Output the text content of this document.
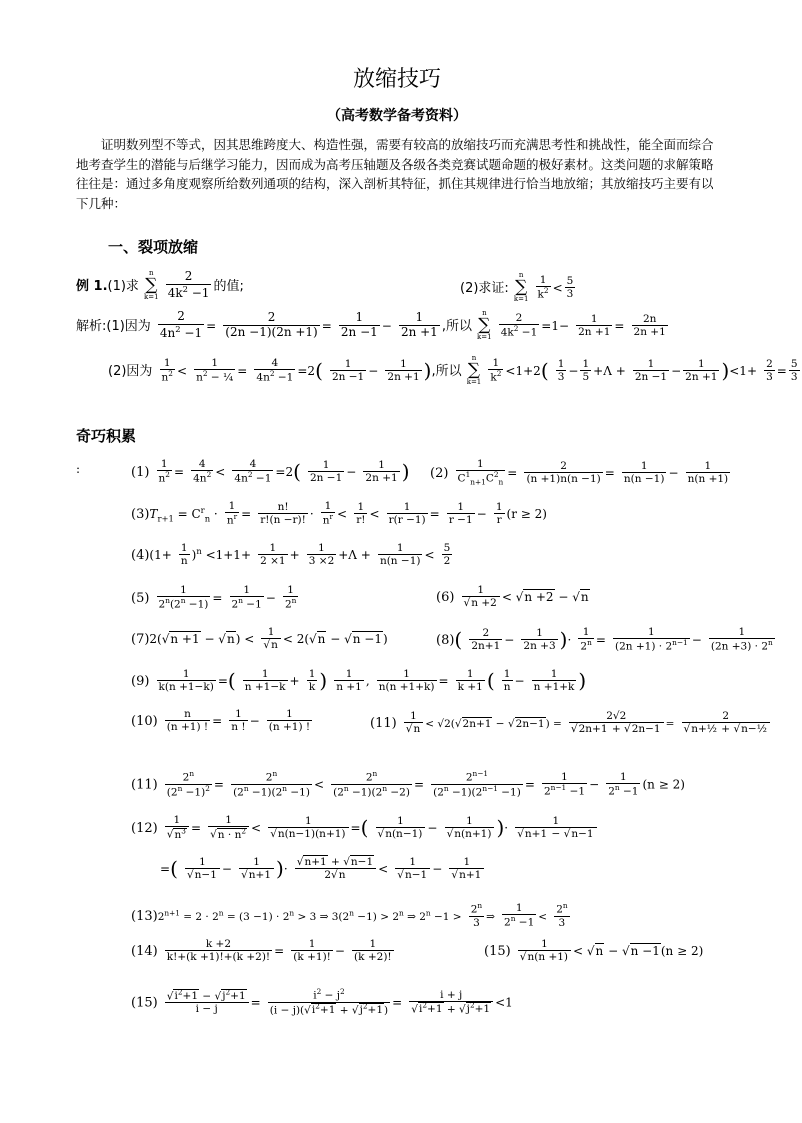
放缩技巧
（高考数学备考资料）
证明数列型不等式，因其思维跨度大、构造性强，需要有较高的放缩技巧而充满思考性和挑战性，能全面而综合地考查学生的潜能与后继学习能力，因而成为高考压轴题及各级各类竞赛试题命题的极好素材。这类问题的求解策略往往是：通过多角度观察所给数列通项的结构，深入剖析其特征，抓住其规律进行恰当地放缩；其放缩技巧主要有以下几种：
一、裂项放缩
例 1.(1)求
n
∑
k=1
$\frac{2}{4k^2 -1}$ 的值;	(2)求证:
n
∑
k=1
$\frac{1}{k^2} < \frac{5}{3}$
解析:(1)因为 $\frac{2}{4n^2 -1} = \frac{2}{(2n -1)(2n +1)} = \frac{1}{2n -1} - \frac{1}{2n +1}$ ,所以
n
∑
k=1
$\frac{2}{4k^2 -1} =1- \frac{1}{2n +1} = \frac{2n}{2n +1}$
(2)因为 $\frac{1}{n^2} < \frac{1}{n^2 - \frac{1}{4}} = \frac{4}{4n^2 -1} =2( \frac{1}{2n -1} - \frac{1}{2n +1}$ ),所以
n
∑
k=1
$\frac{1}{k^2} <1+2( \frac{1}{3} - \frac{1}{5} +\Lambda + \frac{1}{2n -1} - \frac{1}{2n +1} )<1+ \frac{2}{3} = \frac{5}{3}$
奇巧积累
:	$(1) \frac{1}{n^2} = \frac{4}{4n^2} < \frac{4}{4n^2 -1} =2( \frac{1}{2n -1} - \frac{1}{2n +1}$ ) $(2) \frac{1}{C^1_{n+1}C^2_n} = \frac{2}{(n +1)n(n -1)} = \frac{1}{n(n -1)} - \frac{1}{n(n +1)}$
$(3)T_{r+1} = C^r_n \cdot \frac{1}{n^r} = \frac{n!}{r!(n -r)!} \cdot \frac{1}{n^r} < \frac{1}{r!} < \frac{1}{r(r -1)} = \frac{1}{r -1} - \frac{1}{r} (r \ge 2)$
$(4)(1+ \frac{1}{n} )^n <1+1+ \frac{1}{2 \times 1} + \frac{1}{3 \times 2} +\Lambda + \frac{1}{n(n -1)} < \frac{5}{2}$
$(5) \frac{1}{2^n(2^n -1)} = \frac{1}{2^n -1} - \frac{1}{2^n}$	$(6) \frac{1}{√n +2} < √n +2 - √n$
$(7)2(√n +1 - √n) < \frac{1}{√n} < 2(√n - √n -1)$	$(8)( \frac{2}{2n+1} - \frac{1}{2n +3}$ )· $\frac{1}{2^n} = \frac{1}{(2n +1) \cdot 2^{n-1}} - \frac{1}{(2n +3) \cdot 2^n}$
$(9) \frac{1}{k(n +1-k)}$ =( $\frac{1}{n +1-k} + \frac{1}{k}$ ) $\frac{1}{n +1}$ , $\frac{1}{n(n +1+k)} = \frac{1}{k +1}$ ( $\frac{1}{n} - \frac{1}{n +1+k}$ )
$(10) \frac{n}{(n +1) !} = \frac{1}{n !} - \frac{1}{(n +1) !}$	$(11) \frac{1}{√n} < √2(√2n+1 - √2n-1) = \frac{2√2}{√2n+1 + √2n-1} = \frac{2}{\text{√n+½ + √n−½}}$
$(11) \frac{2^n}{(2^n -1)^2} = \frac{2^n}{(2^n -1)(2^n -1)} < \frac{2^n}{(2^n -1)(2^n -2)} = \frac{2^{n-1}}{(2^n -1)(2^{n-1} -1)} = \frac{1}{2^{n-1} -1} - \frac{1}{2^n -1} (n \ge 2)$
$(12) \frac{1}{√n^3} = \frac{1}{√n \cdot n^2} < \frac{1}{√n(n-1)(n+1)}$ =( $\frac{1}{√n(n-1)} - \frac{1}{√n(n+1)}$ )· $\frac{1}{√n+1 - √n-1}$
=( $\frac{1}{√n-1} - \frac{1}{√n+1}$ )· $\frac{√n+1 + √n-1}{2√n} < \frac{1}{√n-1} - \frac{1}{√n+1}$
$(13)2^{n+1} = 2 \cdot 2^n = (3 -1) \cdot 2^n > 3$ ⇒ $3(2^n -1) > 2^n$ ⇒ $2^n -1 > \frac{2^n}{3}$ ⇒ $\frac{1}{2^n -1} < \frac{2^n}{3}$
$(14) \frac{k +2}{k!+(k +1)!+(k +2)!} = \frac{1}{(k +1)!} - \frac{1}{(k +2)!}$	$(15) \frac{1}{√n(n +1)} < √n - √n -1(n \ge 2)$
$(15) \frac{√i^2+1 - √j^2+1}{i - j} = \frac{i^2 - j^2}{(i - j)(√i^2+1 + √j^2+1)} = \frac{i + j}{√i^2+1 + √j^2+1} <1$
